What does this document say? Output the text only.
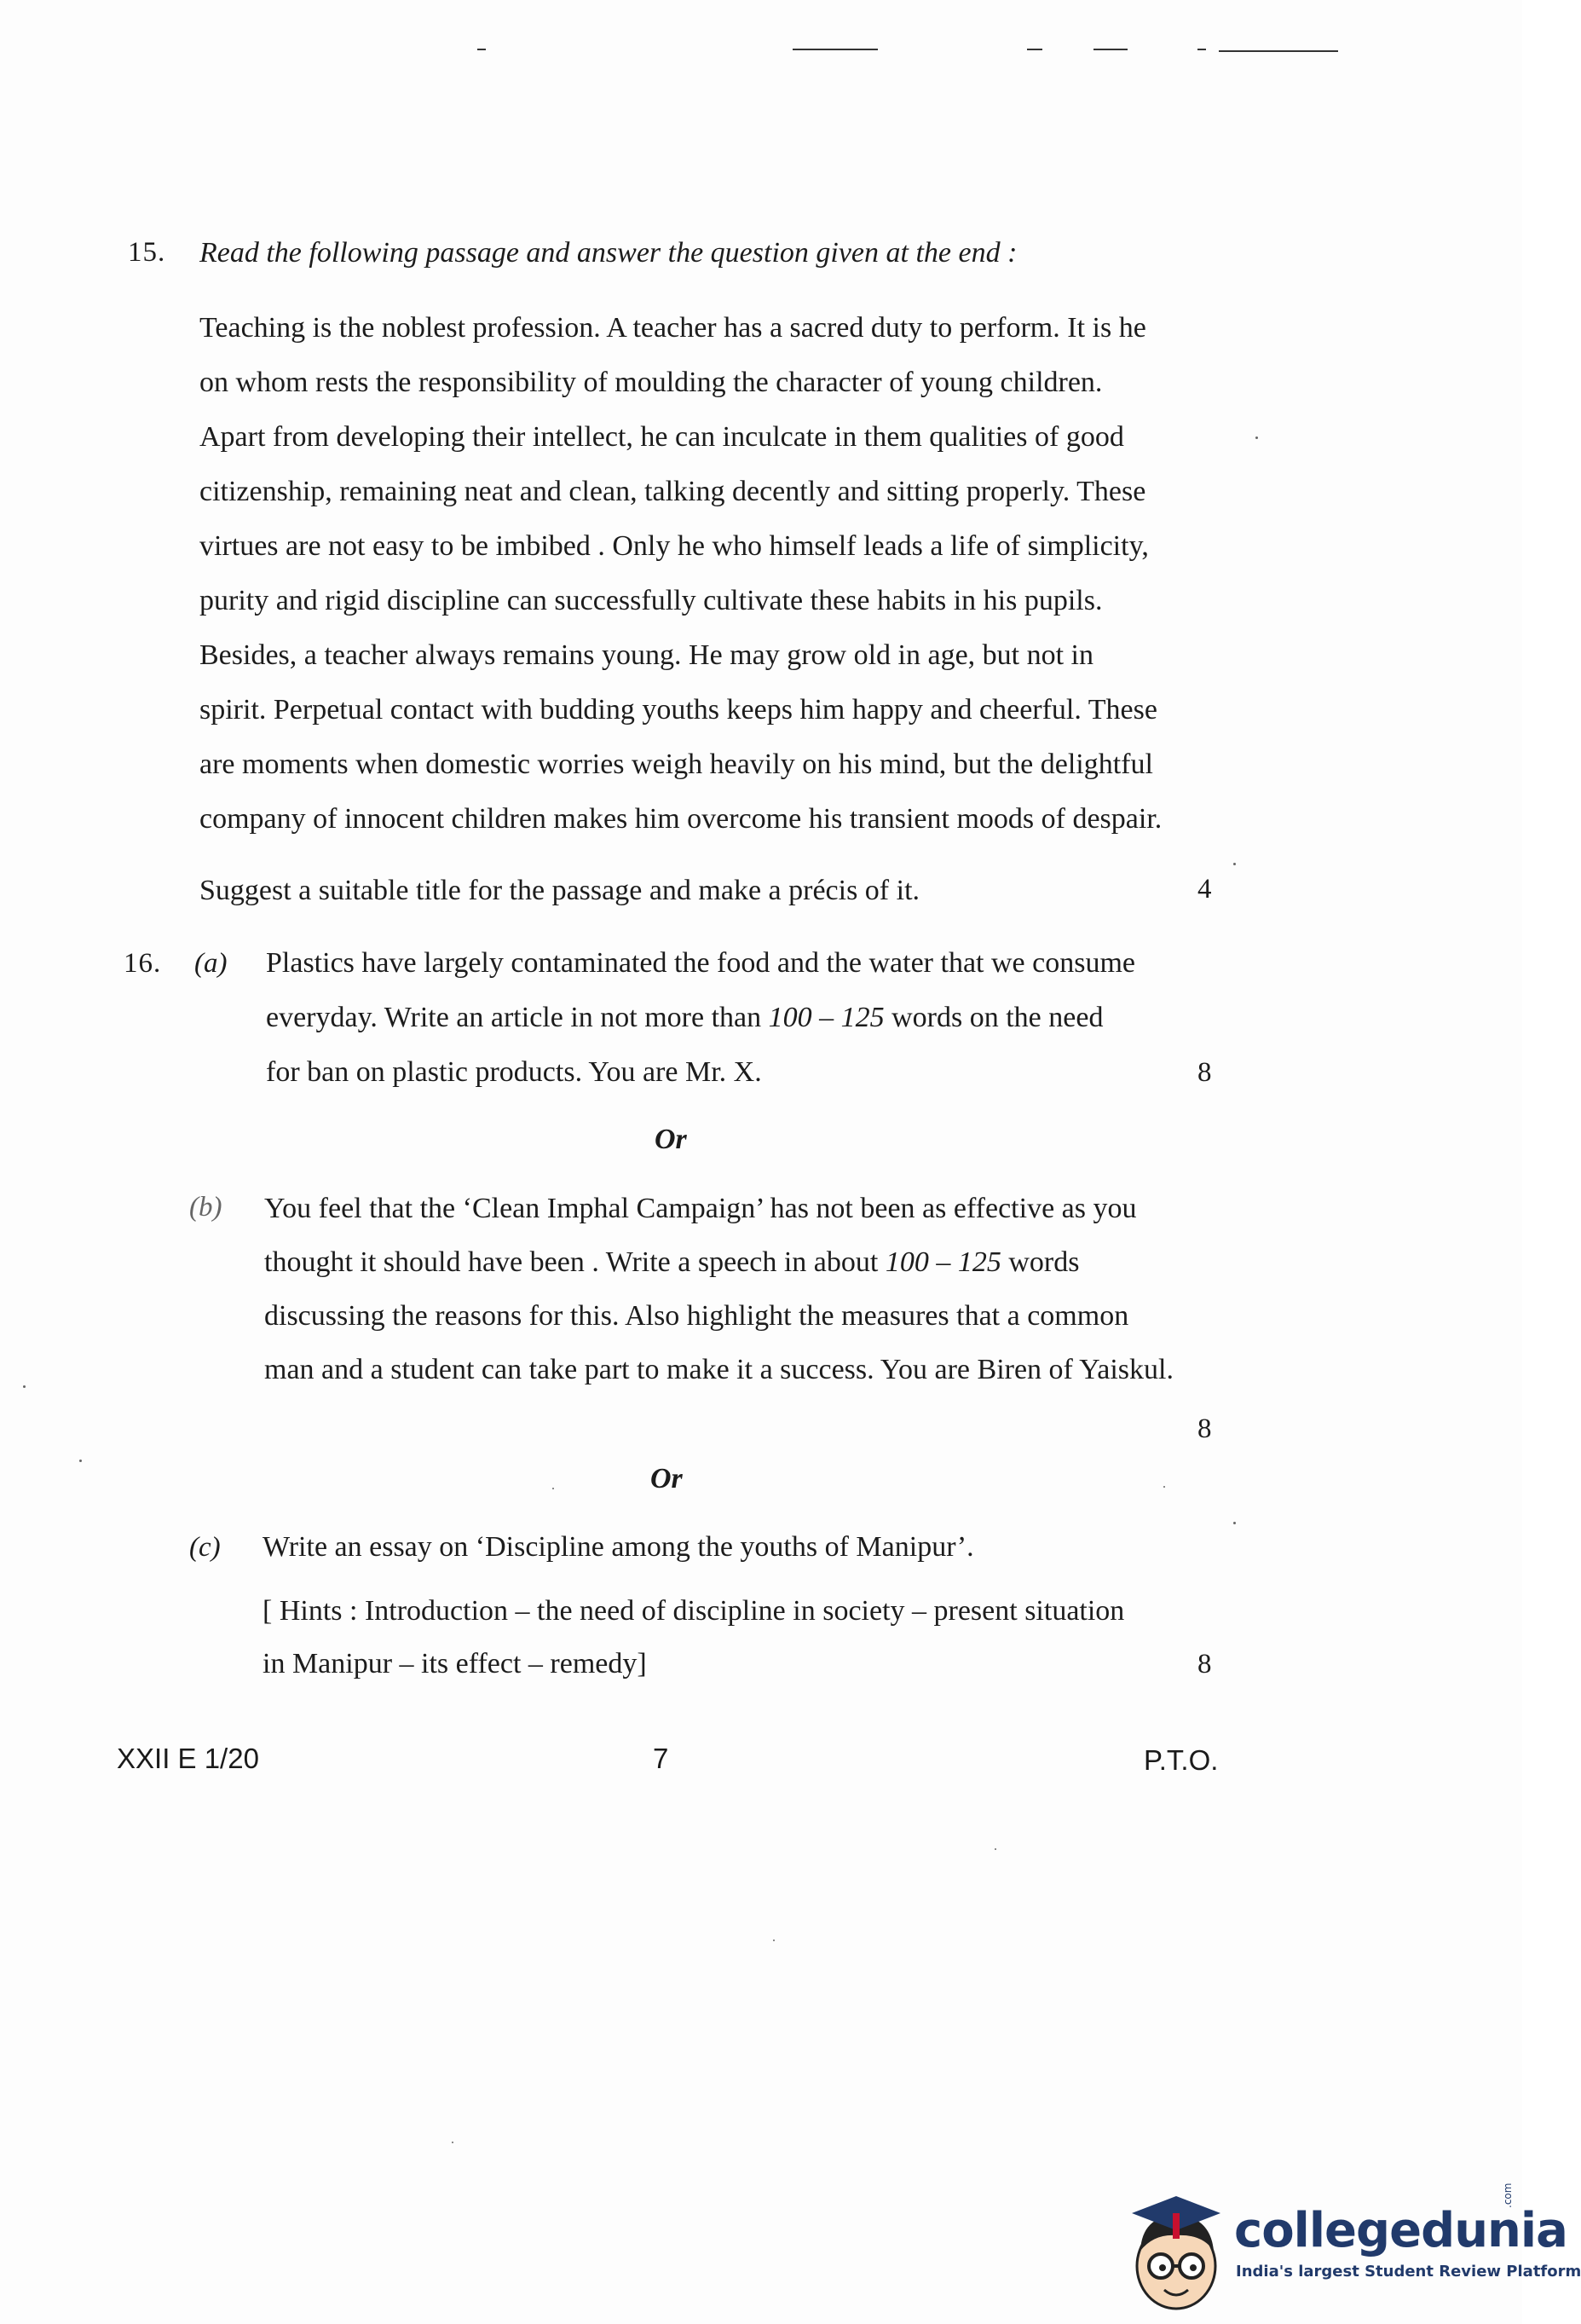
15. Read the following passage and answer the question given at the end :
Teaching is the noblest profession. A teacher has a sacred duty to perform. It is he
on whom rests the responsibility of moulding the character of young children.
Apart from developing their intellect, he can inculcate in them qualities of good
citizenship, remaining neat and clean, talking decently and sitting properly. These
virtues are not easy to be imbibed . Only he who himself leads a life of simplicity,
purity and rigid discipline can successfully cultivate these habits in his pupils.
Besides, a teacher always remains young. He may grow old in age, but not in
spirit. Perpetual contact with budding youths keeps him happy and cheerful. These
are moments when domestic worries weigh heavily on his mind, but the delightful
company of innocent children makes him overcome his transient moods of despair.
Suggest a suitable title for the passage and make a précis of it.	4
16. (a) Plastics have largely contaminated the food and the water that we consume
everyday. Write an article in not more than 100 – 125 words on the need
for ban on plastic products. You are Mr. X.	8
Or
(b) You feel that the ‘Clean Imphal Campaign’ has not been as effective as you
thought it should have been . Write a speech in about 100 – 125 words
discussing the reasons for this. Also highlight the measures that a common
man and a student can take part to make it a success. You are Biren of Yaiskul.
8
Or
(c) Write an essay on ‘Discipline among the youths of Manipur’.
[ Hints : Introduction – the need of discipline in society – present situation
in Manipur – its effect – remedy]	8
XXII E 1/20	7	P.T.O.
collegedunia
.com
India's largest Student Review Platform
